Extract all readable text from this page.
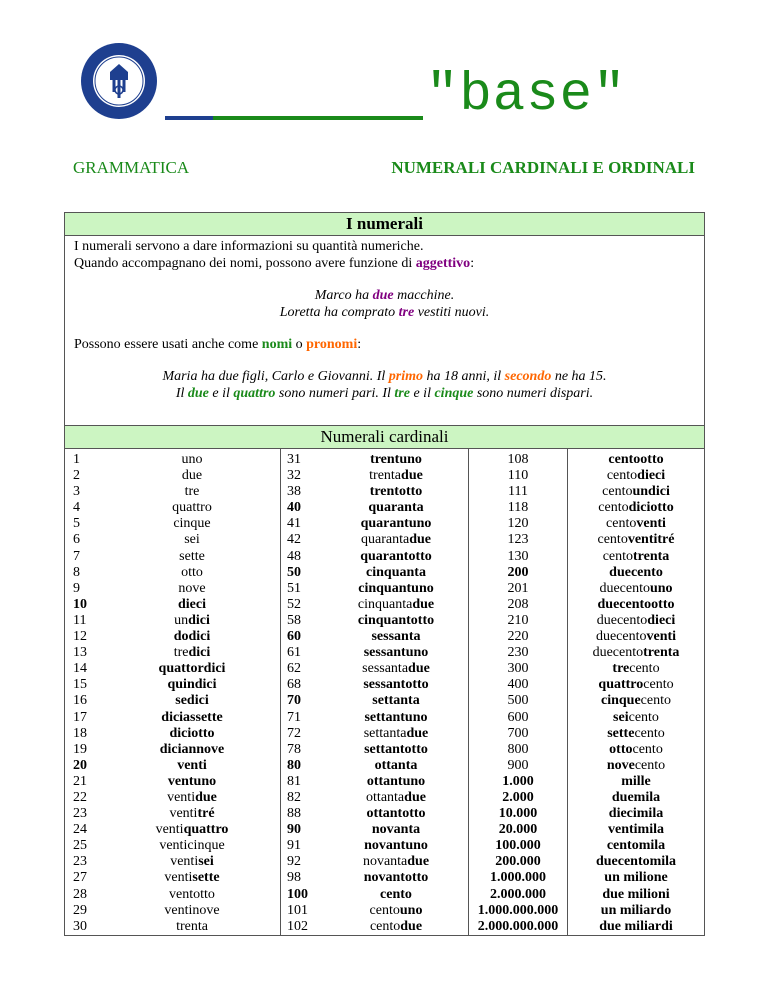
"base"
GRAMMATICA	NUMERALI CARDINALI E ORDINALI
I numerali

I numerali servono a dare informazioni su quantità numeriche.

Quando accompagnano dei nomi, possono avere funzione di aggettivo:

Marco ha due macchine.
Loretta ha comprato tre vestiti nuovi.

Possono essere usati anche come nomi o pronomi:

Maria ha due figli, Carlo e Giovanni. Il primo ha 18 anni, il secondo ne ha 15.
Il due e il quattro sono numeri pari. Il tre e il cinque sono numeri dispari.
Numerali cardinali
1	uno	31	trentuno	108	centootto
2	due	32	trentadue	110	centodieci
3	tre	38	trentotto	111	centoundici
4	quattro	40	quaranta	118	centodiciotto
5	cinque	41	quarantuno	120	centoventi
6	sei	42	quarantadue	123	centoventitré
7	sette	48	quarantotto	130	centotrenta
8	otto	50	cinquanta	200	duecento
9	nove	51	cinquantuno	201	duecentouno
10	dieci	52	cinquantadue	208	duecentootto
11	undici	58	cinquantotto	210	duecentodieci
12	dodici	60	sessanta	220	duecentoventi
13	tredici	61	sessantuno	230	duecentotrenta
14	quattordici	62	sessantadue	300	trecento
15	quindici	68	sessantotto	400	quattrocento
16	sedici	70	settanta	500	cinquecento
17	diciassette	71	settantuno	600	seicento
18	diciotto	72	settantadue	700	settecento
19	diciannove	78	settantotto	800	ottocento
20	venti	80	ottanta	900	novecento
21	ventuno	81	ottantuno	1.000	mille
22	ventidue	82	ottantadue	2.000	duemila
23	ventitré	88	ottantotto	10.000	diecimila
24	ventiquattro	90	novanta	20.000	ventimila
25	venticinque	91	novantuno	100.000	centomila
23	ventisei	92	novantadue	200.000	duecentomila
27	ventisette	98	novantotto	1.000.000	un milione
28	ventotto	100	cento	2.000.000	due milioni
29	ventinove	101	centouno	1.000.000.000	un miliardo
30	trenta	102	centodue	2.000.000.000	due miliardi
